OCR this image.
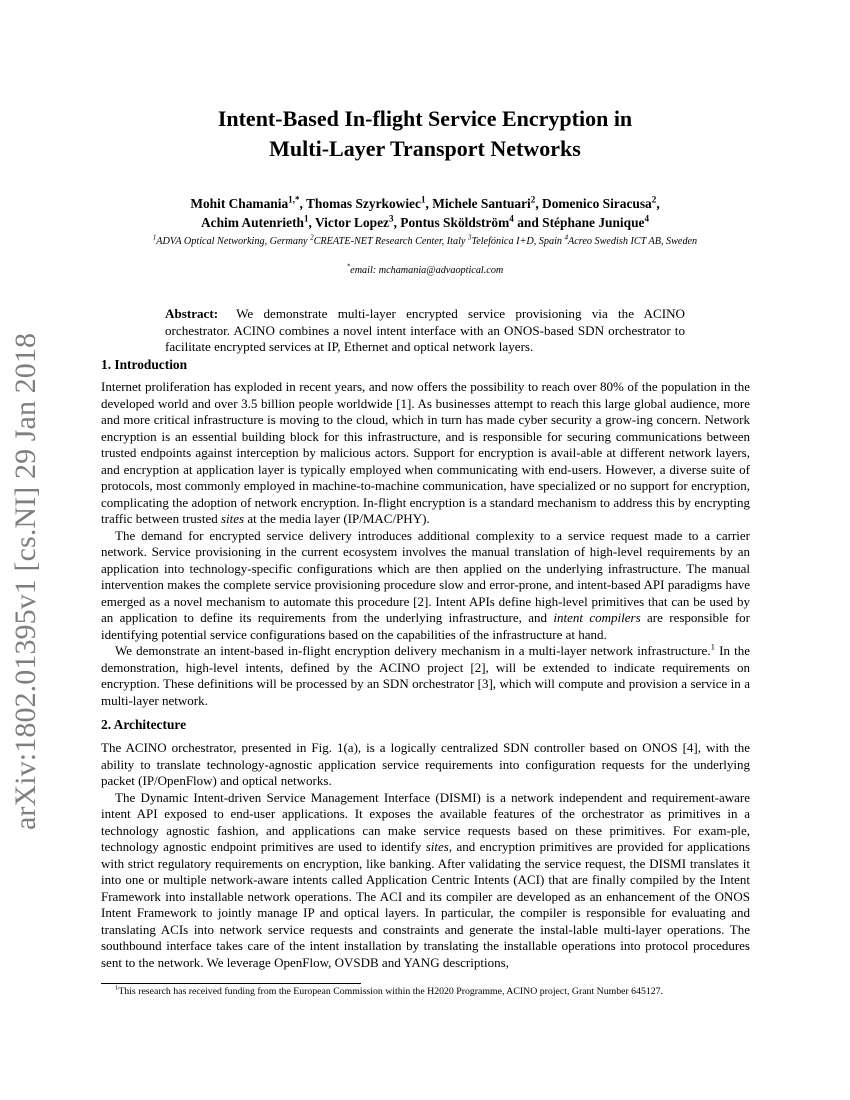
arXiv:1802.01395v1 [cs.NI] 29 Jan 2018
Intent-Based In-flight Service Encryption in
Multi-Layer Transport Networks
Mohit Chamania$^{1,*}$, Thomas Szyrkowiec$^1$, Michele Santuari$^2$, Domenico Siracusa$^2$,
Achim Autenrieth$^1$, Victor Lopez$^3$, Pontus Sköldström$^4$ and Stéphane Junique$^4$
$^1$ADVA Optical Networking, Germany $^2$CREATE-NET Research Center, Italy $^3$Telefónica I+D, Spain $^4$Acreo Swedish ICT AB, Sweden
*email: mchamania@advaoptical.com
Abstract: We demonstrate multi-layer encrypted service provisioning via the ACINO orchestrator. ACINO combines a novel intent interface with an ONOS-based SDN orchestrator to facilitate encrypted services at IP, Ethernet and optical network layers.
1. Introduction

Internet proliferation has exploded in recent years, and now offers the possibility to reach over 80% of the population in the developed world and over 3.5 billion people worldwide [1]. As businesses attempt to reach this large global audience, more and more critical infrastructure is moving to the cloud, which in turn has made cyber security a grow-ing concern. Network encryption is an essential building block for this infrastructure, and is responsible for securing communications between trusted endpoints against interception by malicious actors. Support for encryption is avail-able at different network layers, and encryption at application layer is typically employed when communicating with end-users. However, a diverse suite of protocols, most commonly employed in machine-to-machine communication, have specialized or no support for encryption, complicating the adoption of network encryption. In-flight encryption is a standard mechanism to address this by encrypting traffic between trusted sites at the media layer (IP/MAC/PHY).

The demand for encrypted service delivery introduces additional complexity to a service request made to a carrier network. Service provisioning in the current ecosystem involves the manual translation of high-level requirements by an application into technology-specific configurations which are then applied on the underlying infrastructure. The manual intervention makes the complete service provisioning procedure slow and error-prone, and intent-based API paradigms have emerged as a novel mechanism to automate this procedure [2]. Intent APIs define high-level primitives that can be used by an application to define its requirements from the underlying infrastructure, and intent compilers are responsible for identifying potential service configurations based on the capabilities of the infrastructure at hand.

We demonstrate an intent-based in-flight encryption delivery mechanism in a multi-layer network infrastructure.$^1$ In the demonstration, high-level intents, defined by the ACINO project [2], will be extended to indicate requirements on encryption. These definitions will be processed by an SDN orchestrator [3], which will compute and provision a service in a multi-layer network.

2. Architecture

The ACINO orchestrator, presented in Fig. 1(a), is a logically centralized SDN controller based on ONOS [4], with the ability to translate technology-agnostic application service requirements into configuration requests for the underlying packet (IP/OpenFlow) and optical networks.

The Dynamic Intent-driven Service Management Interface (DISMI) is a network independent and requirement-aware intent API exposed to end-user applications. It exposes the available features of the orchestrator as primitives in a technology agnostic fashion, and applications can make service requests based on these primitives. For exam-ple, technology agnostic endpoint primitives are used to identify sites, and encryption primitives are provided for applications with strict regulatory requirements on encryption, like banking. After validating the service request, the DISMI translates it into one or multiple network-aware intents called Application Centric Intents (ACI) that are finally compiled by the Intent Framework into installable network operations. The ACI and its compiler are developed as an enhancement of the ONOS Intent Framework to jointly manage IP and optical layers. In particular, the compiler is responsible for evaluating and translating ACIs into network service requests and constraints and generate the instal-lable multi-layer operations. The southbound interface takes care of the intent installation by translating the installable operations into protocol procedures sent to the network. We leverage OpenFlow, OVSDB and YANG descriptions,

$^1$This research has received funding from the European Commission within the H2020 Programme, ACINO project, Grant Number 645127.
